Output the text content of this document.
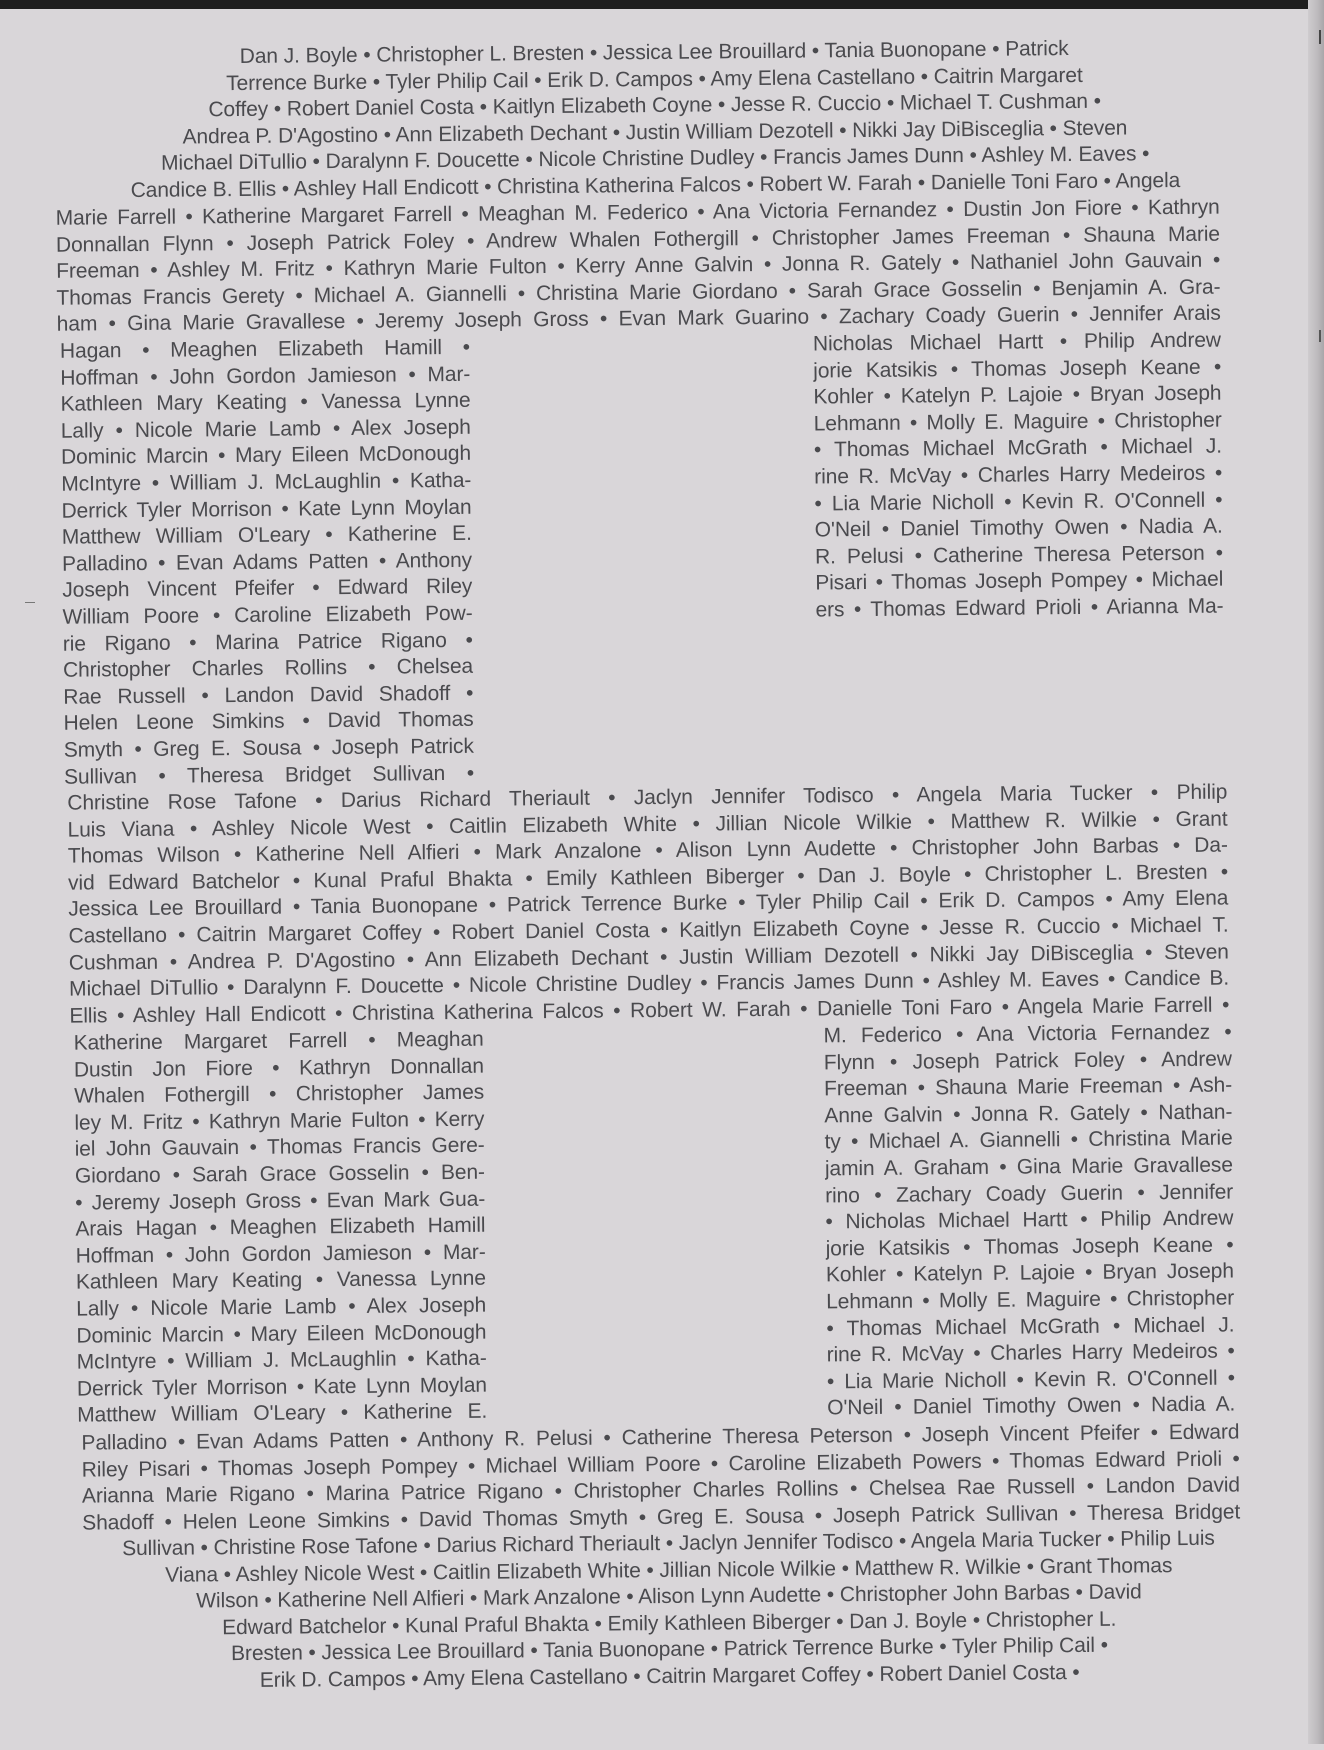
Dan J. Boyle • Christopher L. Bresten • Jessica Lee Brouillard • Tania Buonopane • Patrick
Terrence Burke • Tyler Philip Cail • Erik D. Campos • Amy Elena Castellano • Caitrin Margaret
Coffey • Robert Daniel Costa • Kaitlyn Elizabeth Coyne • Jesse R. Cuccio • Michael T. Cushman •
Andrea P. D'Agostino • Ann Elizabeth Dechant • Justin William Dezotell • Nikki Jay DiBisceglia • Steven
Michael DiTullio • Daralynn F. Doucette • Nicole Christine Dudley • Francis James Dunn • Ashley M. Eaves •
Candice B. Ellis • Ashley Hall Endicott • Christina Katherina Falcos • Robert W. Farah • Danielle Toni Faro • Angela
Marie Farrell • Katherine Margaret Farrell • Meaghan M. Federico • Ana Victoria Fernandez • Dustin Jon Fiore • Kathryn
Donnallan Flynn • Joseph Patrick Foley • Andrew Whalen Fothergill • Christopher James Freeman • Shauna Marie
Freeman • Ashley M. Fritz • Kathryn Marie Fulton • Kerry Anne Galvin • Jonna R. Gately • Nathaniel John Gauvain •
Thomas Francis Gerety • Michael A. Giannelli • Christina Marie Giordano • Sarah Grace Gosselin • Benjamin A. Gra-
ham • Gina Marie Gravallese • Jeremy Joseph Gross • Evan Mark Guarino • Zachary Coady Guerin • Jennifer Arais
Hagan • Meaghen Elizabeth Hamill •
Hoffman • John Gordon Jamieson • Mar-
Kathleen Mary Keating • Vanessa Lynne
Lally • Nicole Marie Lamb • Alex Joseph
Dominic Marcin • Mary Eileen McDonough
McIntyre • William J. McLaughlin • Katha-
Derrick Tyler Morrison • Kate Lynn Moylan
Matthew William O'Leary • Katherine E.
Palladino • Evan Adams Patten • Anthony
Joseph Vincent Pfeifer • Edward Riley
William Poore • Caroline Elizabeth Pow-
rie Rigano • Marina Patrice Rigano •
Christopher Charles Rollins • Chelsea
Rae Russell • Landon David Shadoff •
Helen Leone Simkins • David Thomas
Smyth • Greg E. Sousa • Joseph Patrick
Sullivan • Theresa Bridget Sullivan •
Nicholas Michael Hartt • Philip Andrew
jorie Katsikis • Thomas Joseph Keane •
Kohler • Katelyn P. Lajoie • Bryan Joseph
Lehmann • Molly E. Maguire • Christopher
• Thomas Michael McGrath • Michael J.
rine R. McVay • Charles Harry Medeiros •
• Lia Marie Nicholl • Kevin R. O'Connell •
O'Neil • Daniel Timothy Owen • Nadia A.
R. Pelusi • Catherine Theresa Peterson •
Pisari • Thomas Joseph Pompey • Michael
ers • Thomas Edward Prioli • Arianna Ma-
Christine Rose Tafone • Darius Richard Theriault • Jaclyn Jennifer Todisco • Angela Maria Tucker • Philip
Luis Viana • Ashley Nicole West • Caitlin Elizabeth White • Jillian Nicole Wilkie • Matthew R. Wilkie • Grant
Thomas Wilson • Katherine Nell Alfieri • Mark Anzalone • Alison Lynn Audette • Christopher John Barbas • Da-
vid Edward Batchelor • Kunal Praful Bhakta • Emily Kathleen Biberger • Dan J. Boyle • Christopher L. Bresten •
Jessica Lee Brouillard • Tania Buonopane • Patrick Terrence Burke • Tyler Philip Cail • Erik D. Campos • Amy Elena
Castellano • Caitrin Margaret Coffey • Robert Daniel Costa • Kaitlyn Elizabeth Coyne • Jesse R. Cuccio • Michael T.
Cushman • Andrea P. D'Agostino • Ann Elizabeth Dechant • Justin William Dezotell • Nikki Jay DiBisceglia • Steven
Michael DiTullio • Daralynn F. Doucette • Nicole Christine Dudley • Francis James Dunn • Ashley M. Eaves • Candice B.
Ellis • Ashley Hall Endicott • Christina Katherina Falcos • Robert W. Farah • Danielle Toni Faro • Angela Marie Farrell •
Katherine Margaret Farrell • Meaghan
Dustin Jon Fiore • Kathryn Donnallan
Whalen Fothergill • Christopher James
ley M. Fritz • Kathryn Marie Fulton • Kerry
iel John Gauvain • Thomas Francis Gere-
Giordano • Sarah Grace Gosselin • Ben-
• Jeremy Joseph Gross • Evan Mark Gua-
Arais Hagan • Meaghen Elizabeth Hamill
Hoffman • John Gordon Jamieson • Mar-
Kathleen Mary Keating • Vanessa Lynne
Lally • Nicole Marie Lamb • Alex Joseph
Dominic Marcin • Mary Eileen McDonough
McIntyre • William J. McLaughlin • Katha-
Derrick Tyler Morrison • Kate Lynn Moylan
Matthew William O'Leary • Katherine E.
M. Federico • Ana Victoria Fernandez •
Flynn • Joseph Patrick Foley • Andrew
Freeman • Shauna Marie Freeman • Ash-
Anne Galvin • Jonna R. Gately • Nathan-
ty • Michael A. Giannelli • Christina Marie
jamin A. Graham • Gina Marie Gravallese
rino • Zachary Coady Guerin • Jennifer
• Nicholas Michael Hartt • Philip Andrew
jorie Katsikis • Thomas Joseph Keane •
Kohler • Katelyn P. Lajoie • Bryan Joseph
Lehmann • Molly E. Maguire • Christopher
• Thomas Michael McGrath • Michael J.
rine R. McVay • Charles Harry Medeiros •
• Lia Marie Nicholl • Kevin R. O'Connell •
O'Neil • Daniel Timothy Owen • Nadia A.
Palladino • Evan Adams Patten • Anthony R. Pelusi • Catherine Theresa Peterson • Joseph Vincent Pfeifer • Edward
Riley Pisari • Thomas Joseph Pompey • Michael William Poore • Caroline Elizabeth Powers • Thomas Edward Prioli •
Arianna Marie Rigano • Marina Patrice Rigano • Christopher Charles Rollins • Chelsea Rae Russell • Landon David
Shadoff • Helen Leone Simkins • David Thomas Smyth • Greg E. Sousa • Joseph Patrick Sullivan • Theresa Bridget
Sullivan • Christine Rose Tafone • Darius Richard Theriault • Jaclyn Jennifer Todisco • Angela Maria Tucker • Philip Luis
Viana • Ashley Nicole West • Caitlin Elizabeth White • Jillian Nicole Wilkie • Matthew R. Wilkie • Grant Thomas
Wilson • Katherine Nell Alfieri • Mark Anzalone • Alison Lynn Audette • Christopher John Barbas • David
Edward Batchelor • Kunal Praful Bhakta • Emily Kathleen Biberger • Dan J. Boyle • Christopher L.
Bresten • Jessica Lee Brouillard • Tania Buonopane • Patrick Terrence Burke • Tyler Philip Cail •
Erik D. Campos • Amy Elena Castellano • Caitrin Margaret Coffey • Robert Daniel Costa •
